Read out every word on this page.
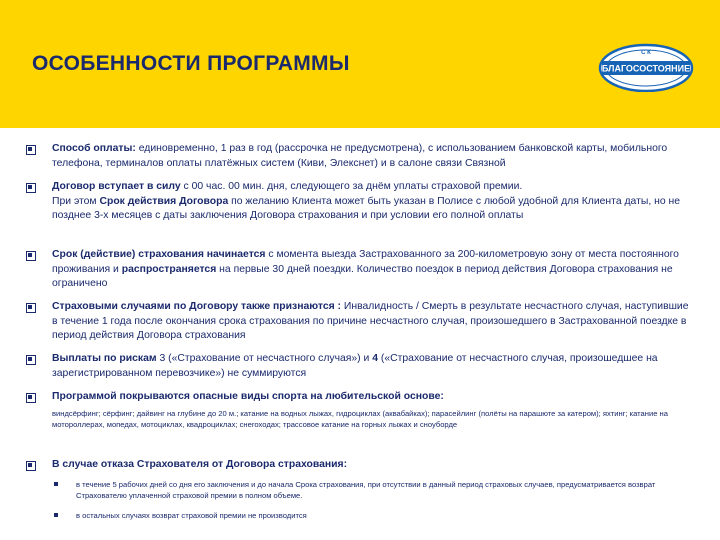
ОСОБЕННОСТИ ПРОГРАММЫ	С К
БЛАГОСОСТОЯНИЕ
Способ оплаты: единовременно, 1 раз в год (рассрочка не предусмотрена), с использованием банковской карты, мобильного телефона, терминалов оплаты платёжных систем (Киви, Элекснет) и в салоне связи Связной
Договор вступает в силу с 00 час. 00 мин. дня, следующего за днём уплаты страховой премии.
При этом Срок действия Договора по желанию Клиента может быть указан в Полисе с любой удобной для Клиента даты, но не позднее 3-х месяцев с даты заключения Договора страхования и при условии его полной оплаты
Срок (действие) страхования начинается с момента выезда Застрахованного за 200-километровую зону от места постоянного проживания и распространяется на первые 30 дней поездки. Количество поездок в период действия Договора страхования не ограничено
Страховыми случаями по Договору также признаются : Инвалидность / Смерть в результате несчастного случая, наступившие в течение 1 года после окончания срока страхования по причине несчастного случая, произошедшего в Застрахованной поездке в период действия Договора страхования
Выплаты по рискам 3 («Страхование от несчастного случая») и 4 («Страхование от несчастного случая, произошедшее на зарегистрированном перевозчике») не суммируются
Программой покрываются опасные виды спорта на любительской основе:
виндсёрфинг; сёрфинг; дайвинг на глубине до 20 м.; катание на водных лыжах, гидроциклах (аквабайках); парасейлинг (полёты на парашюте за катером); яхтинг; катание на мотороллерах, мопедах, мотоциклах, квадроциклах; снегоходах; трассовое катание на горных лыжах и сноуборде
В случае отказа Страхователя от Договора страхования:
в течение 5 рабочих дней со дня его заключения и до начала Срока страхования, при отсутствии в данный период страховых случаев, предусматривается возврат Страхователю уплаченной страховой премии в полном объеме.
в остальных случаях возврат страховой премии не производится
